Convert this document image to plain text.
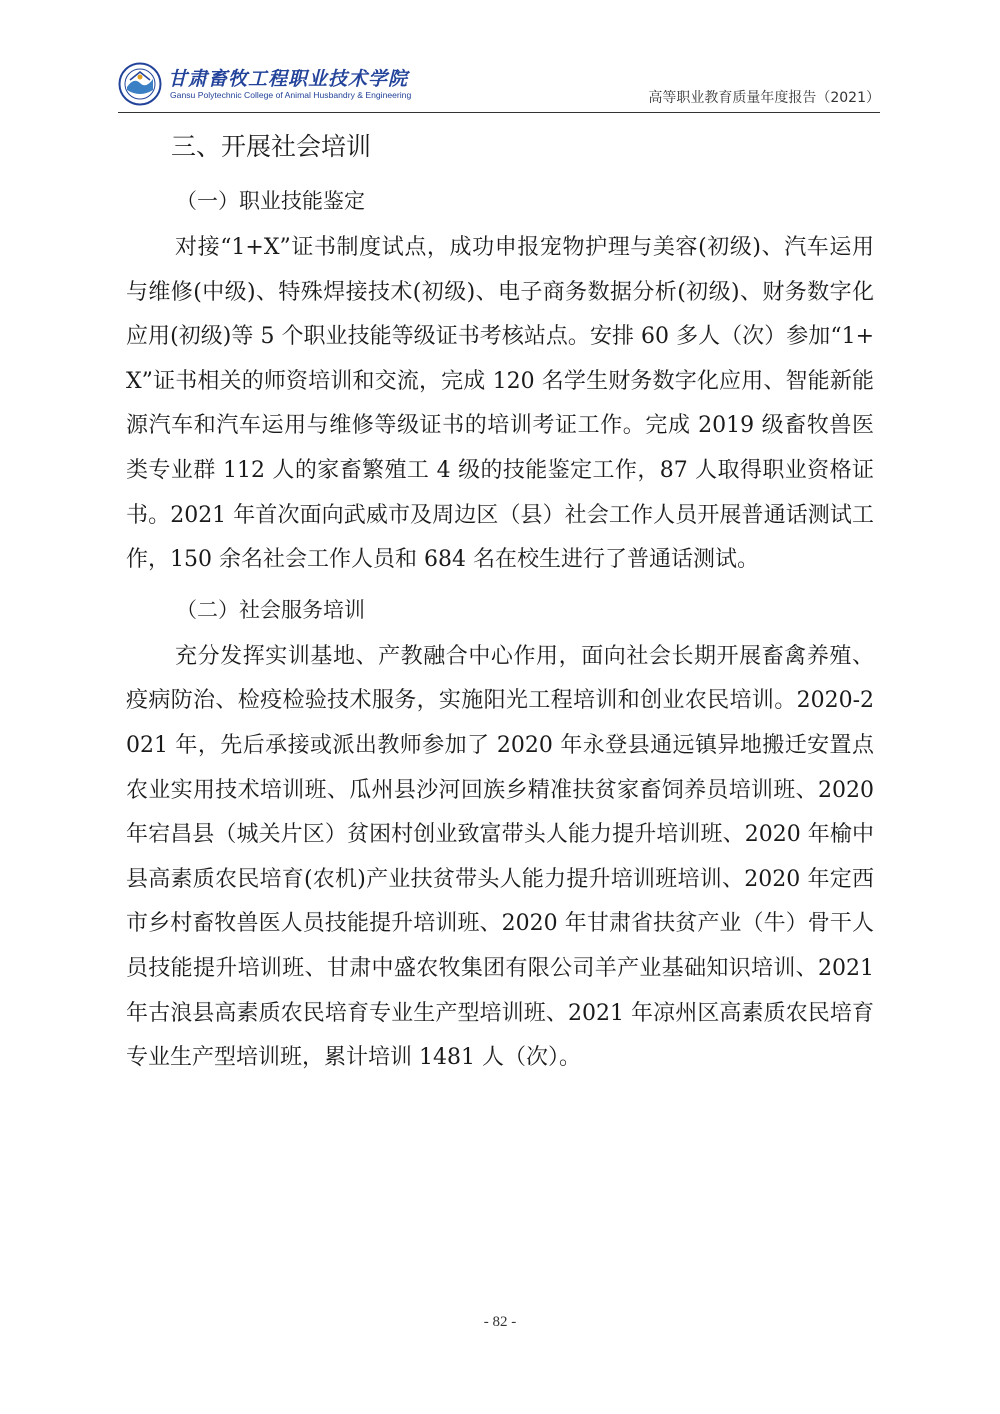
甘肃畜牧工程职业技术学院
Gansu Polytechnic College of Animal Husbandry & Engineering	高等职业教育质量年度报告（2021）
三、开展社会培训
（一）职业技能鉴定

对接“1+X”证书制度试点，成功申报宠物护理与美容(初级)、汽车运用与维修(中级)、特殊焊接技术(初级)、电子商务数据分析(初级)、财务数字化应用(初级)等 5 个职业技能等级证书考核站点。安排 60 多人（次）参加“1+X”证书相关的师资培训和交流，完成 120 名学生财务数字化应用、智能新能源汽车和汽车运用与维修等级证书的培训考证工作。完成 2019 级畜牧兽医类专业群 112 人的家畜繁殖工 4 级的技能鉴定工作，87 人取得职业资格证书。2021 年首次面向武威市及周边区（县）社会工作人员开展普通话测试工作，150 余名社会工作人员和 684 名在校生进行了普通话测试。

（二）社会服务培训

充分发挥实训基地、产教融合中心作用，面向社会长期开展畜禽养殖、疫病防治、检疫检验技术服务，实施阳光工程培训和创业农民培训。2020-2021 年，先后承接或派出教师参加了 2020 年永登县通远镇异地搬迁安置点农业实用技术培训班、瓜州县沙河回族乡精准扶贫家畜饲养员培训班、2020 年宕昌县（城关片区）贫困村创业致富带头人能力提升培训班、2020 年榆中县高素质农民培育(农机)产业扶贫带头人能力提升培训班培训、2020 年定西市乡村畜牧兽医人员技能提升培训班、2020 年甘肃省扶贫产业（牛）骨干人员技能提升培训班、甘肃中盛农牧集团有限公司羊产业基础知识培训、2021 年古浪县高素质农民培育专业生产型培训班、2021 年凉州区高素质农民培育专业生产型培训班，累计培训 1481 人（次）。

- 82 -
